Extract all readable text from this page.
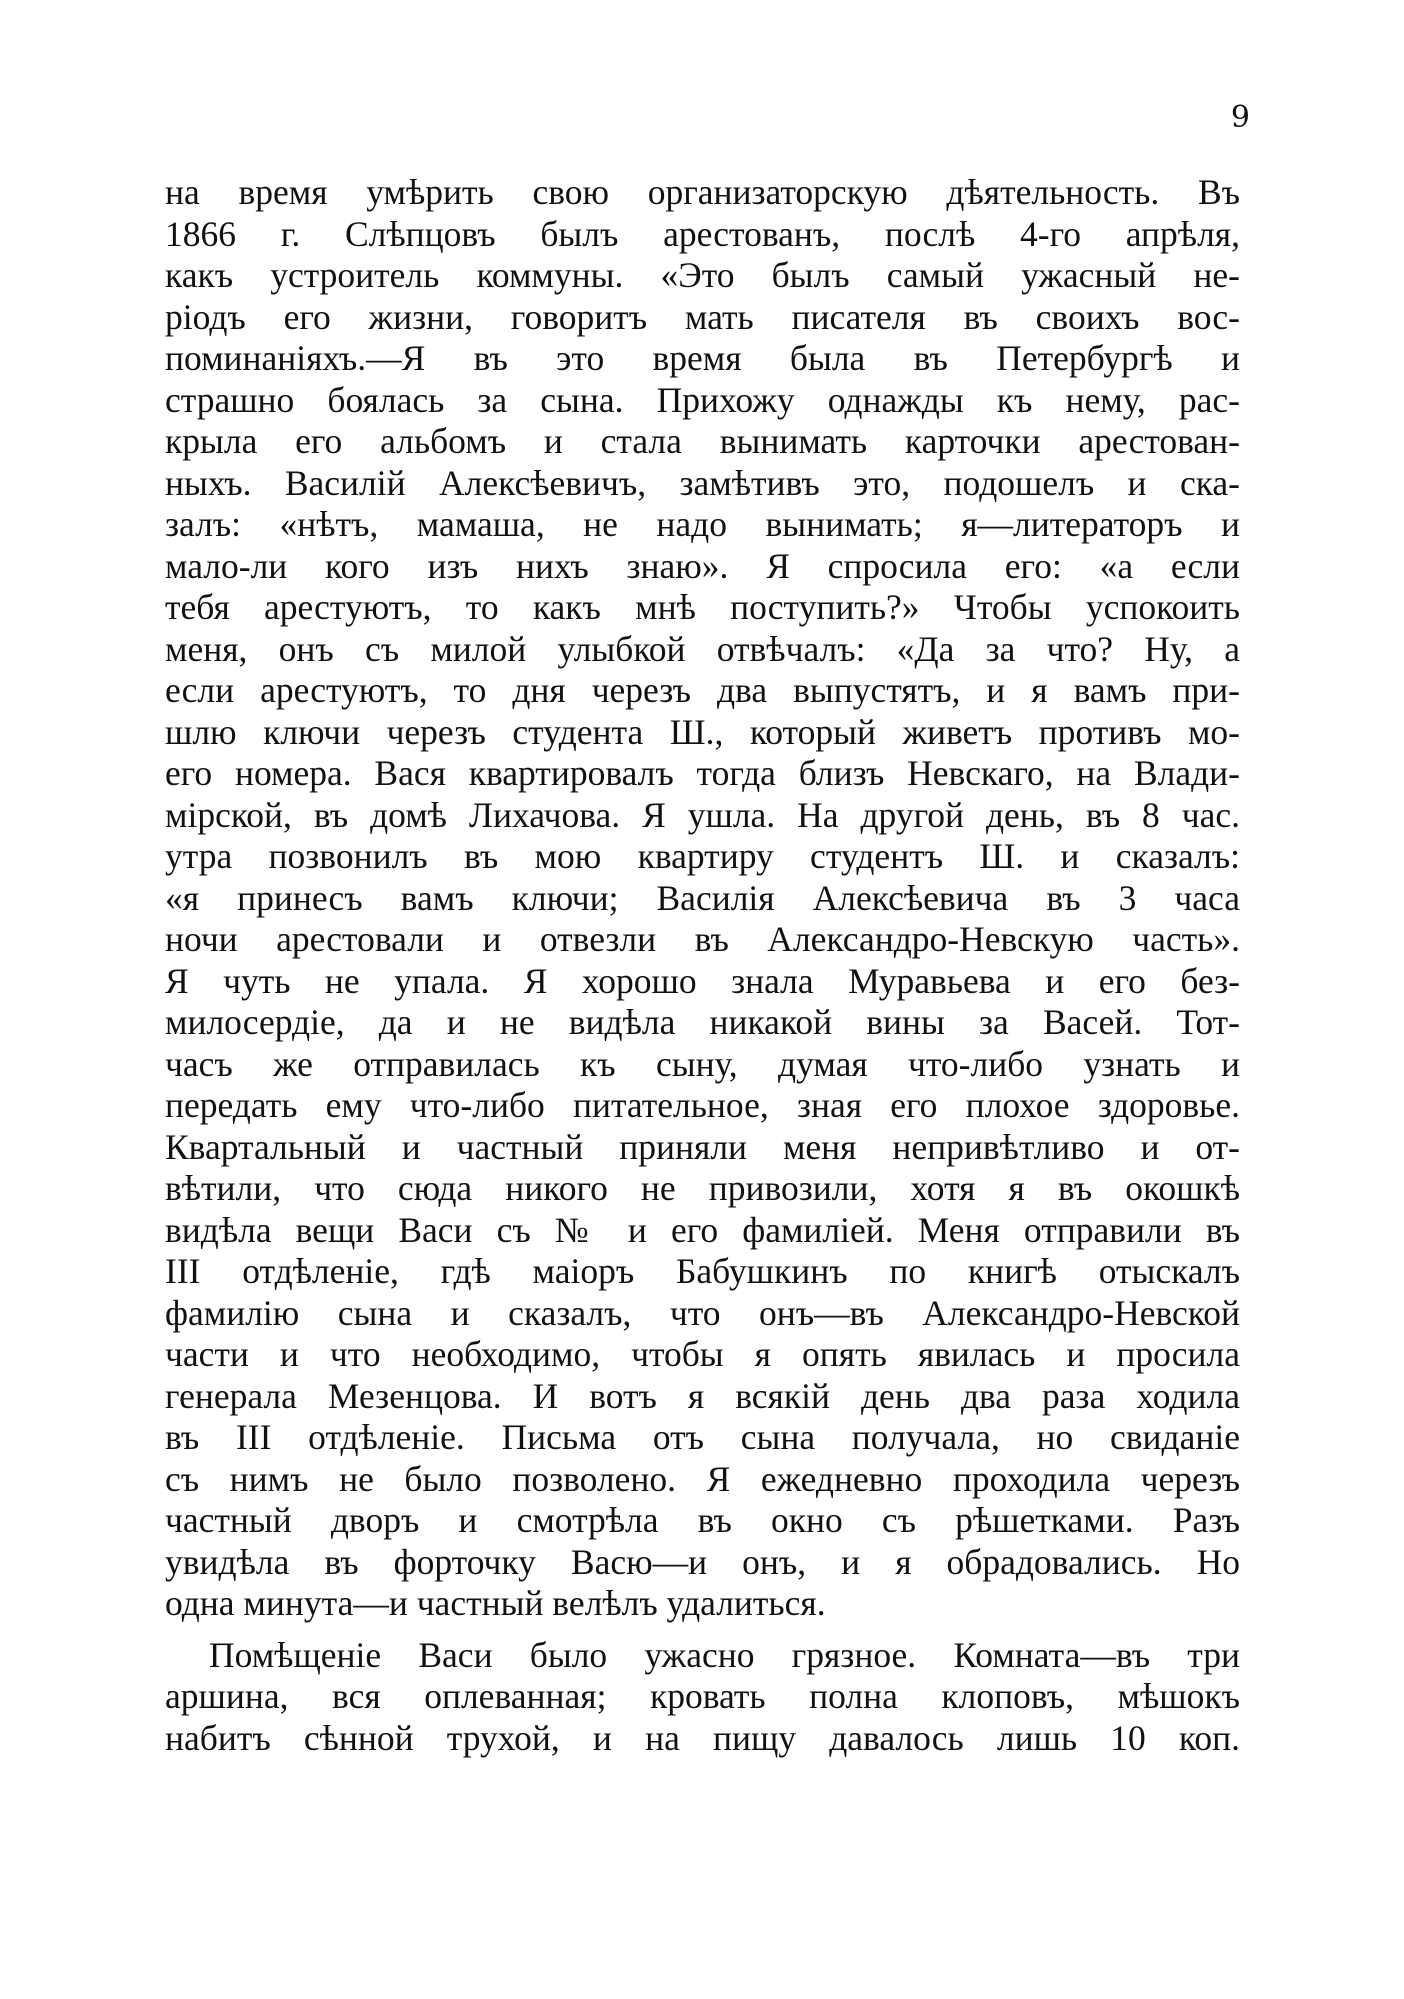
9
на время умѣрить свою организаторскую дѣятельность. Въ
1866 г. Слѣпцовъ былъ арестованъ, послѣ 4-го апрѣля,
какъ устроитель коммуны. «Это былъ самый ужасный не-
ріодъ его жизни, говоритъ мать писателя въ своихъ вос-
поминаніяхъ.—Я въ это время была въ Петербургѣ и
страшно боялась за сына. Прихожу однажды къ нему, рас-
крыла его альбомъ и стала вынимать карточки арестован-
ныхъ. Василій Алексѣевичъ, замѣтивъ это, подошелъ и ска-
залъ: «нѣтъ, мамаша, не надо вынимать; я—литераторъ и
мало-ли кого изъ нихъ знаю». Я спросила его: «а если
тебя арестуютъ, то какъ мнѣ поступить?» Чтобы успокоить
меня, онъ съ милой улыбкой отвѣчалъ: «Да за что? Ну, а
если арестуютъ, то дня черезъ два выпустятъ, и я вамъ при-
шлю ключи черезъ студента Ш., который живетъ противъ мо-
его номера. Вася квартировалъ тогда близъ Невскаго, на Влади-
мірской, въ домѣ Лихачова. Я ушла. На другой день, въ 8 час.
утра позвонилъ въ мою квартиру студентъ Ш. и сказалъ:
«я принесъ вамъ ключи; Василія Алексѣевича въ 3 часа
ночи арестовали и отвезли въ Александро-Невскую часть».
Я чуть не упала. Я хорошо знала Муравьева и его без-
милосердіе, да и не видѣла никакой вины за Васей. Тот-
часъ же отправилась къ сыну, думая что-либо узнать и
передать ему что-либо питательное, зная его плохое здоровье.
Квартальный и частный приняли меня непривѣтливо и от-
вѣтили, что сюда никого не привозили, хотя я въ окошкѣ
видѣла вещи Васи съ № и его фамиліей. Меня отправили въ
III отдѣленіе, гдѣ маіоръ Бабушкинъ по книгѣ отыскалъ
фамилію сына и сказалъ, что онъ—въ Александро-Невской
части и что необходимо, чтобы я опять явилась и просила
генерала Мезенцова. И вотъ я всякій день два раза ходила
въ III отдѣленіе. Письма отъ сына получала, но свиданіе
съ нимъ не было позволено. Я ежедневно проходила черезъ
частный дворъ и смотрѣла въ окно съ рѣшетками. Разъ
увидѣла въ форточку Васю—и онъ, и я обрадовались. Но
одна минута—и частный велѣлъ удалиться.
Помѣщеніе Васи было ужасно грязное. Комната—въ три
аршина, вся оплеванная; кровать полна клоповъ, мѣшокъ
набитъ сѣнной трухой, и на пищу давалось лишь 10 коп.
